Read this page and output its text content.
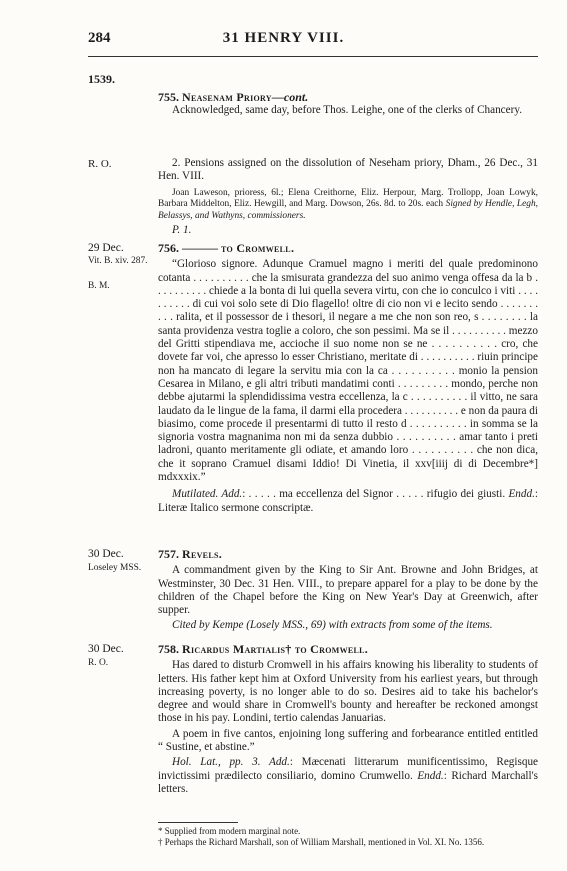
284	31 HENRY VIII.
1539.

755. Neasenam Priory—cont.

Acknowledged, same day, before Thos. Leighe, one of the clerks of Chancery.

R. O.	2. Pensions assigned on the dissolution of Neseham priory, Dham., 26 Dec., 31 Hen. VIII.

Joan Laweson, prioress, 6l.; Elena Creithorne, Eliz. Herpour, Marg. Trollopp, Joan Lowyk, Barbara Middelton, Eliz. Hewgill, and Marg. Dowson, 26s. 8d. to 20s. each Signed by Hendle, Legh, Belassys, and Wathyns, commissioners.

P. 1.

29 Dec.
Vit. B. xiv. 287.
B. M.

756. ——— to Cromwell.

“Glorioso signore. Adunque Cramuel magno i meriti del quale predominono cotanta . . . . . . . . . . che la smisurata grandezza del suo animo venga offesa da la b . . . . . . . . . . chiede a la bonta di lui quella severa virtu, con che io conculco i viti . . . . . . . . . . di cui voi solo sete di Dio flagello! oltre di cio non vi e lecito sendo . . . . . . . . . . ralita, et il possessor de i thesori, il negare a me che non son reo, s . . . . . . . . la santa providenza vestra toglie a coloro, che son pessimi. Ma se il . . . . . . . . . . mezzo del Gritti stipendiava me, accioche il suo nome non se ne . . . . . . . . . . cro, che dovete far voi, che apresso lo esser Christiano, meritate di . . . . . . . . . . riuin principe non ha mancato di legare la servitu mia con la ca . . . . . . . . . . monio la pension Cesarea in Milano, e gli altri tributi mandatimi conti . . . . . . . . . mondo, perche non debbe ajutarmi la splendidissima vestra eccellenza, la c . . . . . . . . . . il vitto, ne sara laudato da le lingue de la fama, il darmi ella procedera . . . . . . . . . . e non da paura di biasimo, come procede il presentarmi di tutto il resto d . . . . . . . . . . in somma se la signoria vostra magnanima non mi da senza dubbio . . . . . . . . . . amar tanto i preti ladroni, quanto meritamente gli odiate, et amando loro . . . . . . . . . . che non dica, che it soprano Cramuel disami Iddio! Di Vinetia, il xxv[iiij di di Decembre*] mdxxxix.”

Mutilated. Add.: . . . . . ma eccellenza del Signor . . . . . rifugio dei giusti. Endd.: Literæ Italico sermone conscriptæ.

30 Dec.
Loseley MSS.

757. Revels.

A commandment given by the King to Sir Ant. Browne and John Bridges, at Westminster, 30 Dec. 31 Hen. VIII., to prepare apparel for a play to be done by the children of the Chapel before the King on New Year's Day at Greenwich, after supper.

Cited by Kempe (Losely MSS., 69) with extracts from some of the items.

30 Dec.
R. O.

758. Ricardus Martialis† to Cromwell.

Has dared to disturb Cromwell in his affairs knowing his liberality to students of letters. His father kept him at Oxford University from his earliest years, but through increasing poverty, is no longer able to do so. Desires aid to take his bachelor's degree and would share in Cromwell's bounty and hereafter be reckoned amongst those in his pay. Londini, tertio calendas Januarias.

A poem in five cantos, enjoining long suffering and forbearance entitled entitled “ Sustine, et abstine.”

Hol. Lat., pp. 3. Add.: Mæcenati litterarum munificentissimo, Regisque invictissimi prædilecto consiliario, domino Crumwello. Endd.: Richard Marchall's letters.

* Supplied from modern marginal note.

† Perhaps the Richard Marshall, son of William Marshall, mentioned in Vol. XI. No. 1356.
